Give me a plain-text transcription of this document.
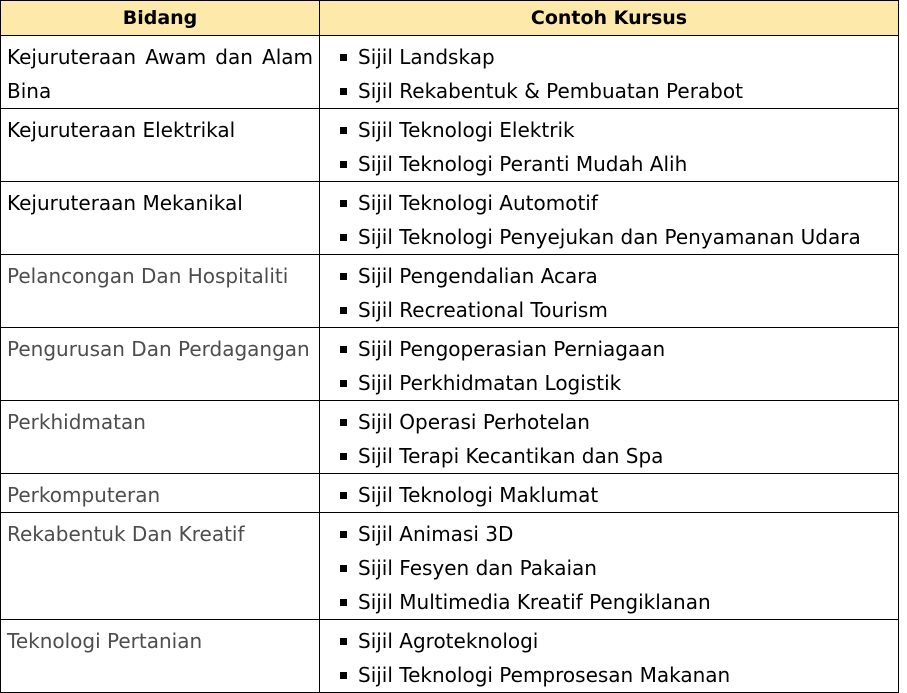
Bidang	Contoh Kursus
Kejuruteraan Awam dan Alam Bina	Sijil Landskap
Sijil Rekabentuk & Pembuatan Perabot

Kejuruteraan Elektrikal	Sijil Teknologi Elektrik
Sijil Teknologi Peranti Mudah Alih

Kejuruteraan Mekanikal	Sijil Teknologi Automotif
Sijil Teknologi Penyejukan dan Penyamanan Udara

Pelancongan Dan Hospitaliti	Sijil Pengendalian Acara
Sijil Recreational Tourism

Pengurusan Dan Perdagangan	Sijil Pengoperasian Perniagaan
Sijil Perkhidmatan Logistik

Perkhidmatan	Sijil Operasi Perhotelan
Sijil Terapi Kecantikan dan Spa

Perkomputeran	Sijil Teknologi Maklumat

Rekabentuk Dan Kreatif	Sijil Animasi 3D
Sijil Fesyen dan Pakaian
Sijil Multimedia Kreatif Pengiklanan

Teknologi Pertanian	Sijil Agroteknologi
Sijil Teknologi Pemprosesan Makanan
